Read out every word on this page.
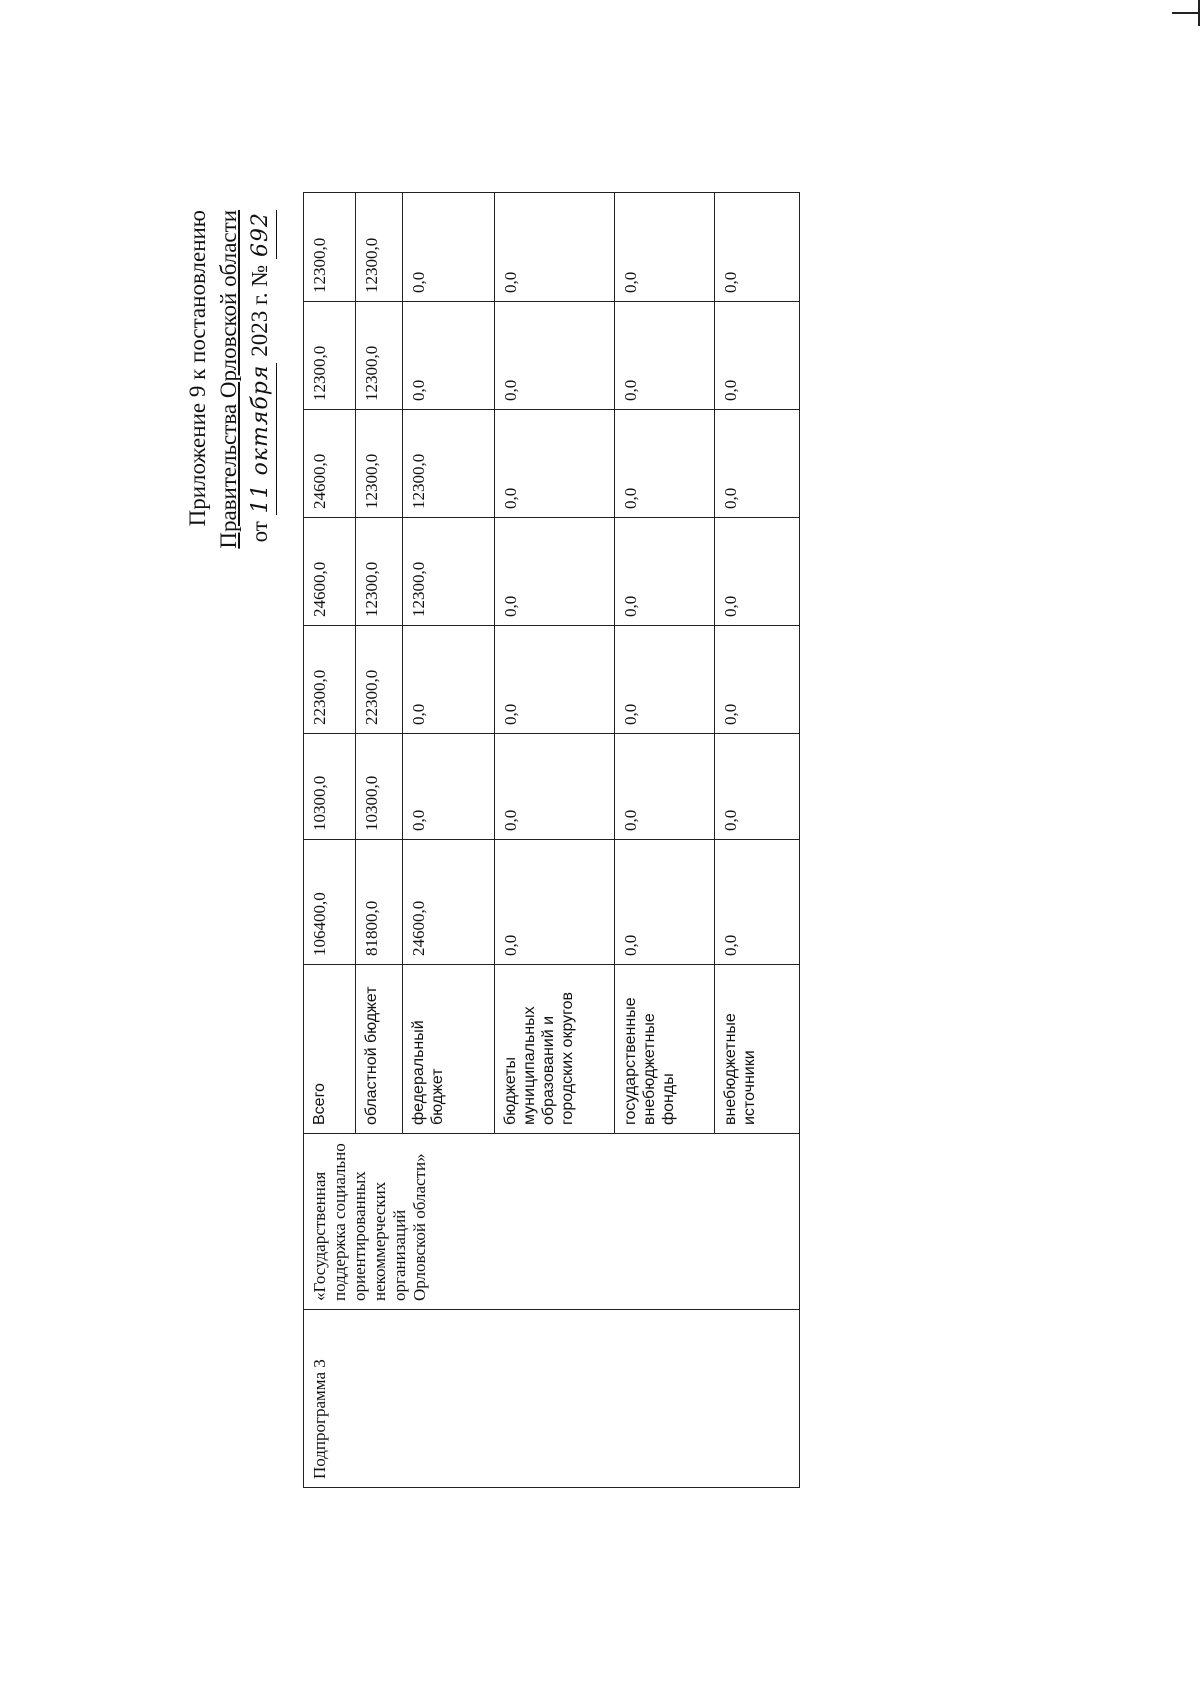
Приложение 9 к постановлению Правительства Орловской области от 11 октября 2023 г. № 692
Подпрограмма 3	«Государственная поддержка социально ориентированных некоммерческих организаций Орловской области»	Всего	106400,0	10300,0	22300,0	24600,0	24600,0	12300,0	12300,0
		областной бюджет	81800,0	10300,0	22300,0	12300,0	12300,0	12300,0	12300,0
		федеральный бюджет	24600,0	0,0	0,0	12300,0	12300,0	0,0	0,0
		бюджеты муниципальных образований и городских округов	0,0	0,0	0,0	0,0	0,0	0,0	0,0
		государственные внебюджетные фонды	0,0	0,0	0,0	0,0	0,0	0,0	0,0
		внебюджетные источники	0,0	0,0	0,0	0,0	0,0	0,0	0,0
